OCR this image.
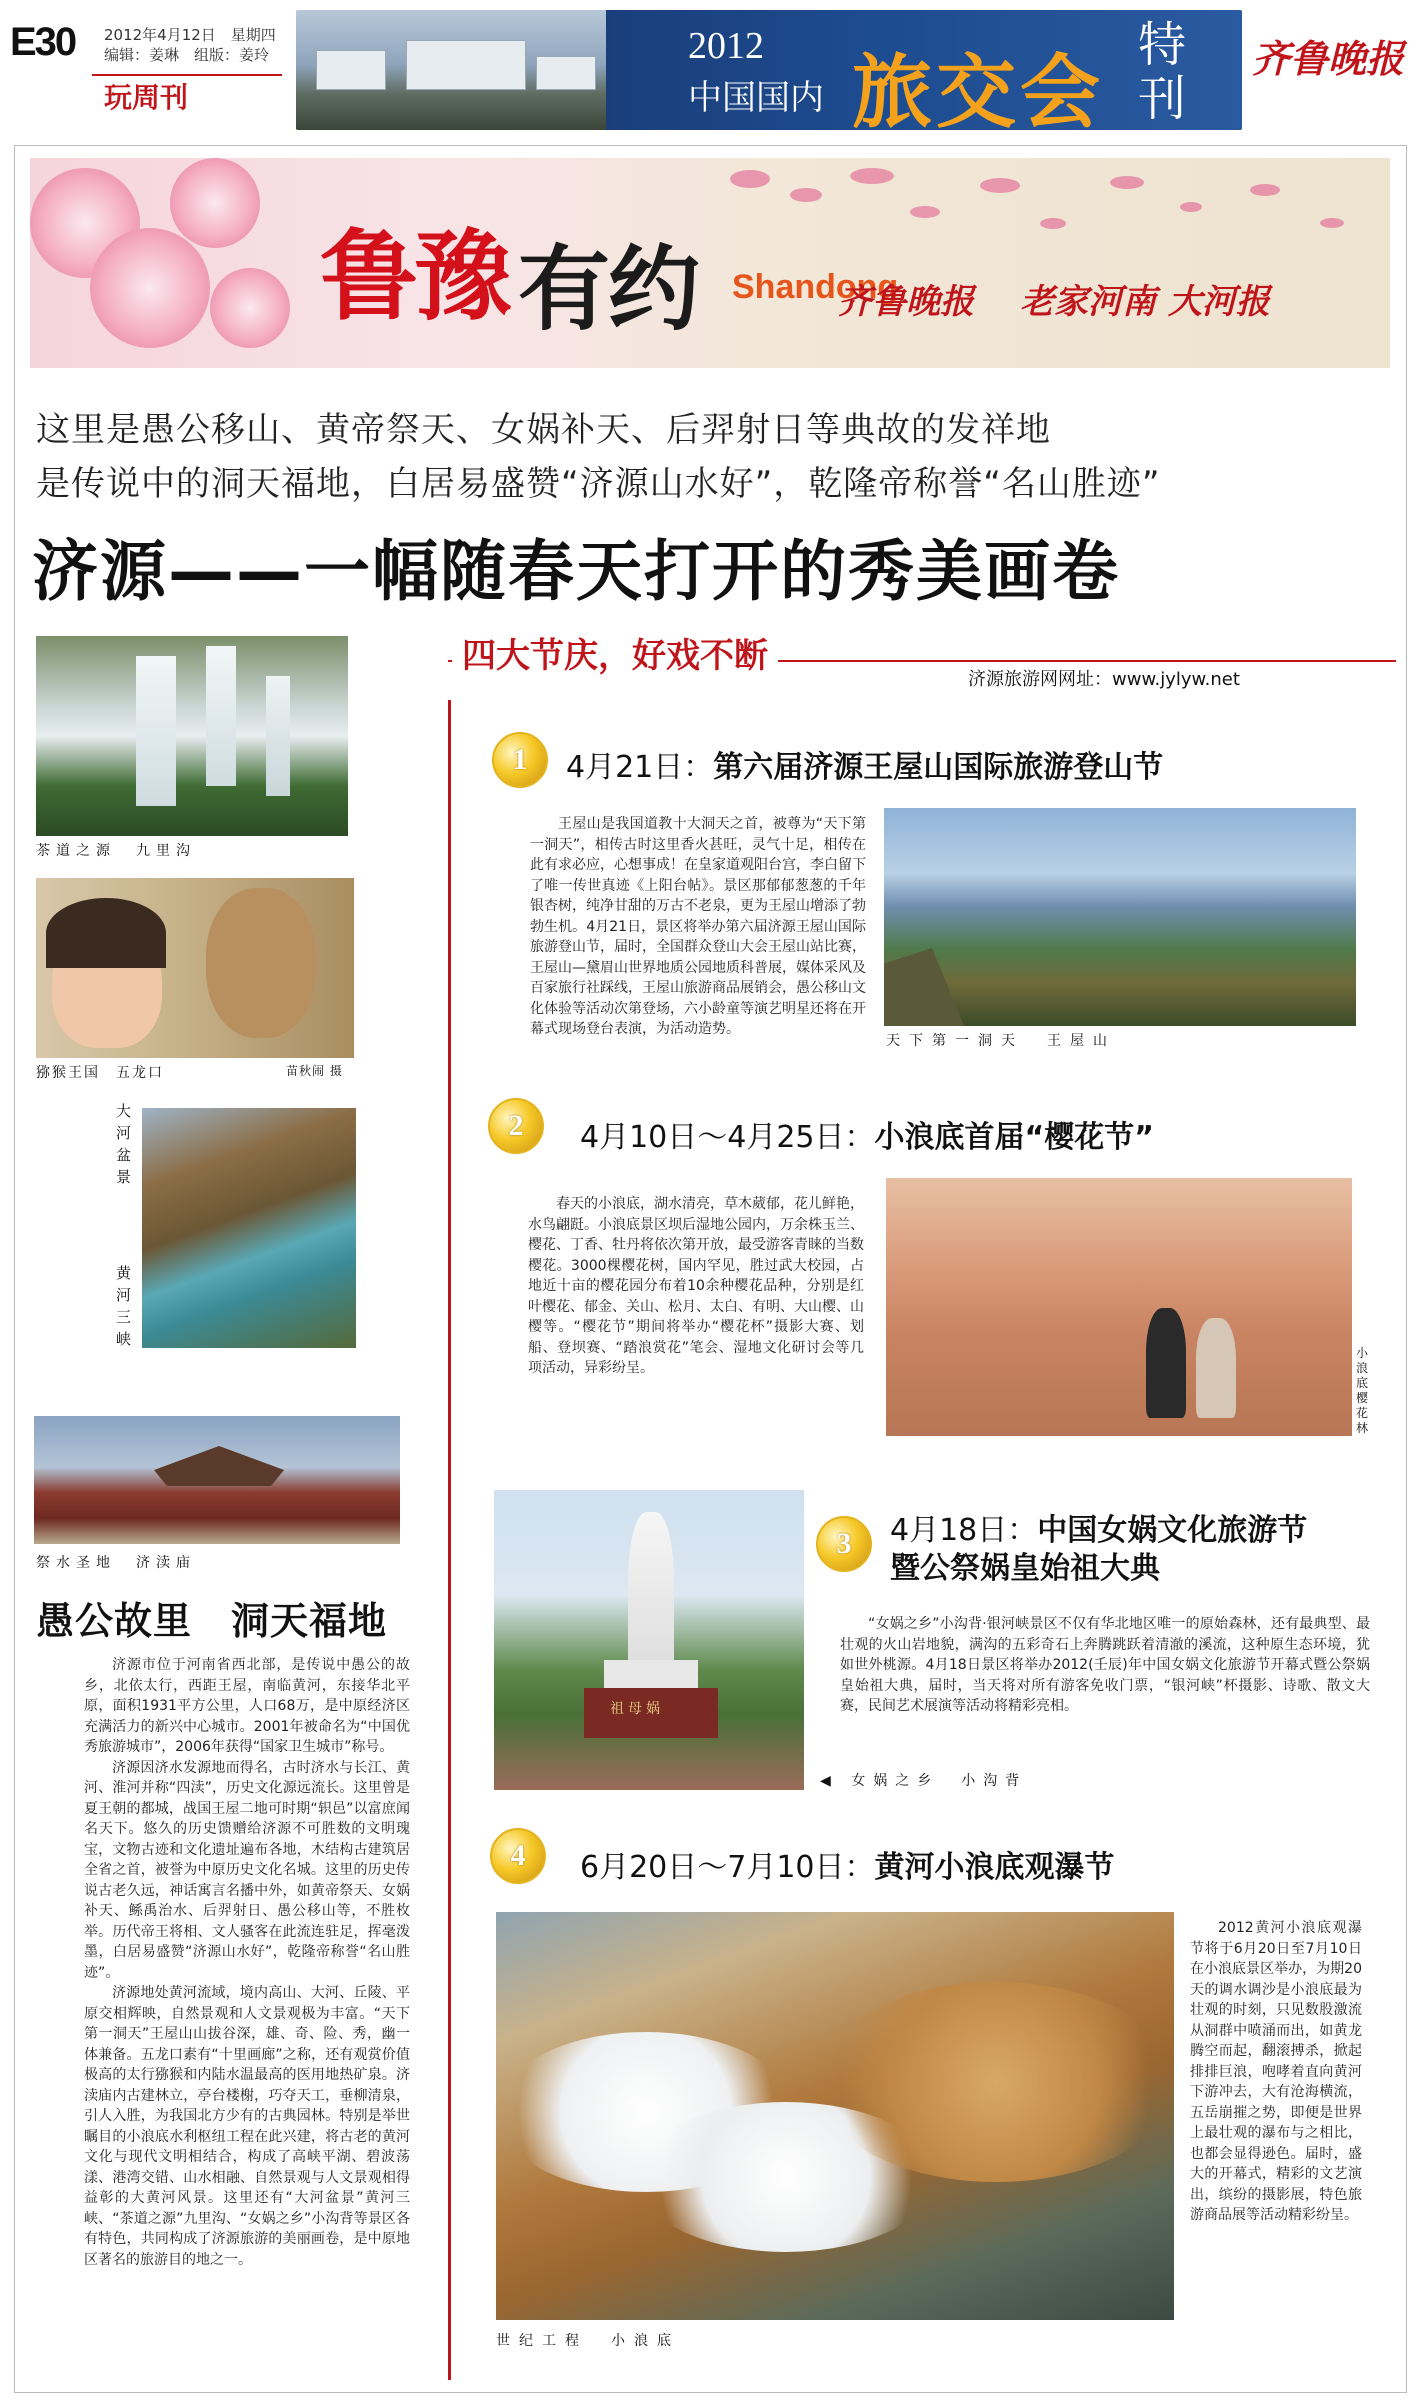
E30 2012年4月12日　星期四
编辑：姜琳　组版：姜玲
玩周刊
2012
中国国内 旅交会 特刊
齐鲁晚报
鲁豫 有约 Shandong
齐鲁晚报 老家河南 大河报
这里是愚公移山、黄帝祭天、女娲补天、后羿射日等典故的发祥地
是传说中的洞天福地，白居易盛赞“济源山水好”，乾隆帝称誉“名山胜迹”
济源——一幅随春天打开的秀美画卷
茶道之源　九里沟
猕猴王国　五龙口	苗秋闹 摄
大河盆景
黄河三峡
祭水圣地　济渎庙
愚公故里　洞天福地

济源市位于河南省西北部，是传说中愚公的故乡，北依太行，西距王屋，南临黄河，东接华北平原，面积1931平方公里，人口68万，是中原经济区充满活力的新兴中心城市。2001年被命名为“中国优秀旅游城市”，2006年获得“国家卫生城市”称号。

济源因济水发源地而得名，古时济水与长江、黄河、淮河并称“四渎”，历史文化源远流长。这里曾是夏王朝的都城，战国王屋二地可时期“轵邑”以富庶闻名天下。悠久的历史馈赠给济源不可胜数的文明瑰宝，文物古迹和文化遗址遍布各地，木结构古建筑居全省之首，被誉为中原历史文化名城。这里的历史传说古老久远，神话寓言名播中外，如黄帝祭天、女娲补天、鲧禹治水、后羿射日、愚公移山等，不胜枚举。历代帝王将相、文人骚客在此流连驻足，挥毫泼墨，白居易盛赞“济源山水好”，乾隆帝称誉“名山胜迹”。

济源地处黄河流域，境内高山、大河、丘陵、平原交相辉映，自然景观和人文景观极为丰富。“天下第一洞天”王屋山山拔谷深，雄、奇、险、秀，幽一体兼备。五龙口素有“十里画廊”之称，还有观赏价值极高的太行猕猴和内陆水温最高的医用地热矿泉。济渎庙内古建林立，亭台楼榭，巧夺天工，垂柳清泉，引人入胜，为我国北方少有的古典园林。特别是举世瞩目的小浪底水利枢纽工程在此兴建，将古老的黄河文化与现代文明相结合，构成了高峡平湖、碧波荡漾、港湾交错、山水相融、自然景观与人文景观相得益彰的大黄河风景。这里还有“大河盆景”黄河三峡、“茶道之源”九里沟、“女娲之乡”小沟背等景区各有特色，共同构成了济源旅游的美丽画卷，是中原地区著名的旅游目的地之一。

四大节庆，好戏不断
济源旅游网网址：www.jylyw.net
1	4月21日：第六届济源王屋山国际旅游登山节
王屋山是我国道教十大洞天之首，被尊为“天下第一洞天”，相传古时这里香火甚旺，灵气十足，相传在此有求必应，心想事成！在皇家道观阳台宫，李白留下了唯一传世真迹《上阳台帖》。景区那郁郁葱葱的千年银杏树，纯净甘甜的万古不老泉，更为王屋山增添了勃勃生机。4月21日，景区将举办第六届济源王屋山国际旅游登山节，届时，全国群众登山大会王屋山站比赛，王屋山—黛眉山世界地质公园地质科普展，媒体采风及百家旅行社踩线，王屋山旅游商品展销会，愚公移山文化体验等活动次第登场，六小龄童等演艺明星还将在开幕式现场登台表演，为活动造势。
天下第一洞天　王屋山
2	4月10日～4月25日：小浪底首届“樱花节”
春天的小浪底，湖水清亮，草木葳郁，花儿鲜艳，水鸟翩跹。小浪底景区坝后湿地公园内，万余株玉兰、樱花、丁香、牡丹将依次第开放，最受游客青睐的当数樱花。3000棵樱花树，国内罕见，胜过武大校园，占地近十亩的樱花园分布着10余种樱花品种，分别是红叶樱花、郁金、关山、松月、太白、有明、大山樱、山樱等。“樱花节”期间将举办“樱花杯”摄影大赛、划船、登坝赛、“踏浪赏花”笔会、湿地文化研讨会等几项活动，异彩纷呈。
小浪底樱花林
祖母娲
3	4月18日：中国女娲文化旅游节
暨公祭娲皇始祖大典
“女娲之乡”小沟背·银河峡景区不仅有华北地区唯一的原始森林，还有最典型、最壮观的火山岩地貌，满沟的五彩奇石上奔腾跳跃着清澈的溪流，这种原生态环境，犹如世外桃源。4月18日景区将举办2012(壬辰)年中国女娲文化旅游节开幕式暨公祭娲皇始祖大典，届时，当天将对所有游客免收门票，“银河峡”杯摄影、诗歌、散文大赛，民间艺术展演等活动将精彩亮相。
◀ 女娲之乡　小沟背
4	6月20日～7月10日：黄河小浪底观瀑节
世纪工程　小浪底
2012黄河小浪底观瀑节将于6月20日至7月10日在小浪底景区举办，为期20天的调水调沙是小浪底最为壮观的时刻，只见数股激流从洞群中喷涌而出，如黄龙腾空而起，翻滚搏杀，掀起排排巨浪，咆哮着直向黄河下游冲去，大有沧海横流，五岳崩摧之势，即便是世界上最壮观的瀑布与之相比，也都会显得逊色。届时，盛大的开幕式，精彩的文艺演出，缤纷的摄影展，特色旅游商品展等活动精彩纷呈。
